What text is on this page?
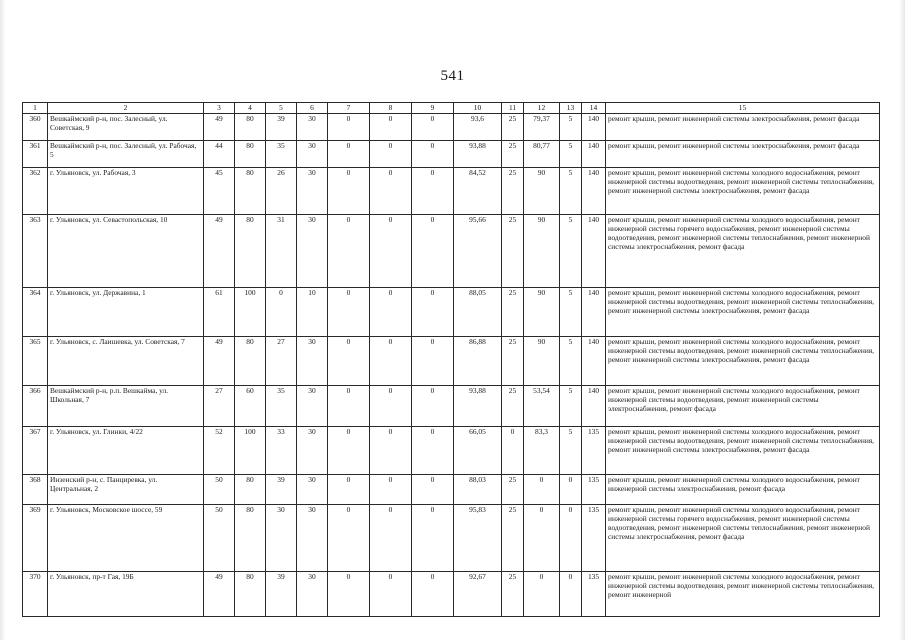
541
1	2	3	4	5	6	7	8	9	10	11	12	13	14	15
360	Вешкаймский р-н, пос. Залесный, ул. Советская, 9	49	80	39	30	0	0	0	93,6	25	79,37	5	140	ремонт крыши, ремонт инженерной системы электроснабжения, ремонт фасада
361	Вешкаймский р-н, пос. Залесный, ул. Рабочая, 5	44	80	35	30	0	0	0	93,88	25	80,77	5	140	ремонт крыши, ремонт инженерной системы электроснабжения, ремонт фасада
362	г. Ульяновск, ул. Рабочая, 3	45	80	26	30	0	0	0	84,52	25	90	5	140	ремонт крыши, ремонт инженерной системы холодного водоснабжения, ремонт инженерной системы водоотведения, ремонт инженерной системы теплоснабжения, ремонт инженерной системы электроснабжения, ремонт фасада
363	г. Ульяновск, ул. Севастопольская, 10	49	80	31	30	0	0	0	95,66	25	90	5	140	ремонт крыши, ремонт инженерной системы холодного водоснабжения, ремонт инженерной системы горячего водоснабжения, ремонт инженерной системы водоотведения, ремонт инженерной системы теплоснабжения, ремонт инженерной системы электроснабжения, ремонт фасада
364	г. Ульяновск, ул. Державина, 1	61	100	0	10	0	0	0	88,05	25	90	5	140	ремонт крыши, ремонт инженерной системы холодного водоснабжения, ремонт инженерной системы водоотведения, ремонт инженерной системы теплоснабжения, ремонт инженерной системы электроснабжения, ремонт фасада
365	г. Ульяновск, с. Лаишевка, ул. Советская, 7	49	80	27	30	0	0	0	86,88	25	90	5	140	ремонт крыши, ремонт инженерной системы холодного водоснабжения, ремонт инженерной системы водоотведения, ремонт инженерной системы теплоснабжения, ремонт инженерной системы электроснабжения, ремонт фасада
366	Вешкаймский р-н, р.п. Вешкайма, ул. Школьная, 7	27	60	35	30	0	0	0	93,88	25	53,54	5	140	ремонт крыши, ремонт инженерной системы холодного водоснабжения, ремонт инженерной системы водоотведения, ремонт инженерной системы электроснабжения, ремонт фасада
367	г. Ульяновск, ул. Глинки, 4/22	52	100	33	30	0	0	0	66,05	0	83,3	5	135	ремонт крыши, ремонт инженерной системы холодного водоснабжения, ремонт инженерной системы водоотведения, ремонт инженерной системы теплоснабжения, ремонт инженерной системы электроснабжения, ремонт фасада
368	Инзенский р-н, с. Панциревка, ул. Центральная, 2	50	80	39	30	0	0	0	88,03	25	0	0	135	ремонт крыши, ремонт инженерной системы холодного водоснабжения, ремонт инженерной системы электроснабжения, ремонт фасада
369	г. Ульяновск, Московское шоссе, 59	50	80	30	30	0	0	0	95,83	25	0	0	135	ремонт крыши, ремонт инженерной системы холодного водоснабжения, ремонт инженерной системы горячего водоснабжения, ремонт инженерной системы водоотведения, ремонт инженерной системы теплоснабжения, ремонт инженерной системы электроснабжения, ремонт фасада
370	г. Ульяновск, пр-т Гая, 19Б	49	80	39	30	0	0	0	92,67	25	0	0	135	ремонт крыши, ремонт инженерной системы холодного водоснабжения, ремонт инженерной системы водоотведения, ремонт инженерной системы теплоснабжения, ремонт инженерной
